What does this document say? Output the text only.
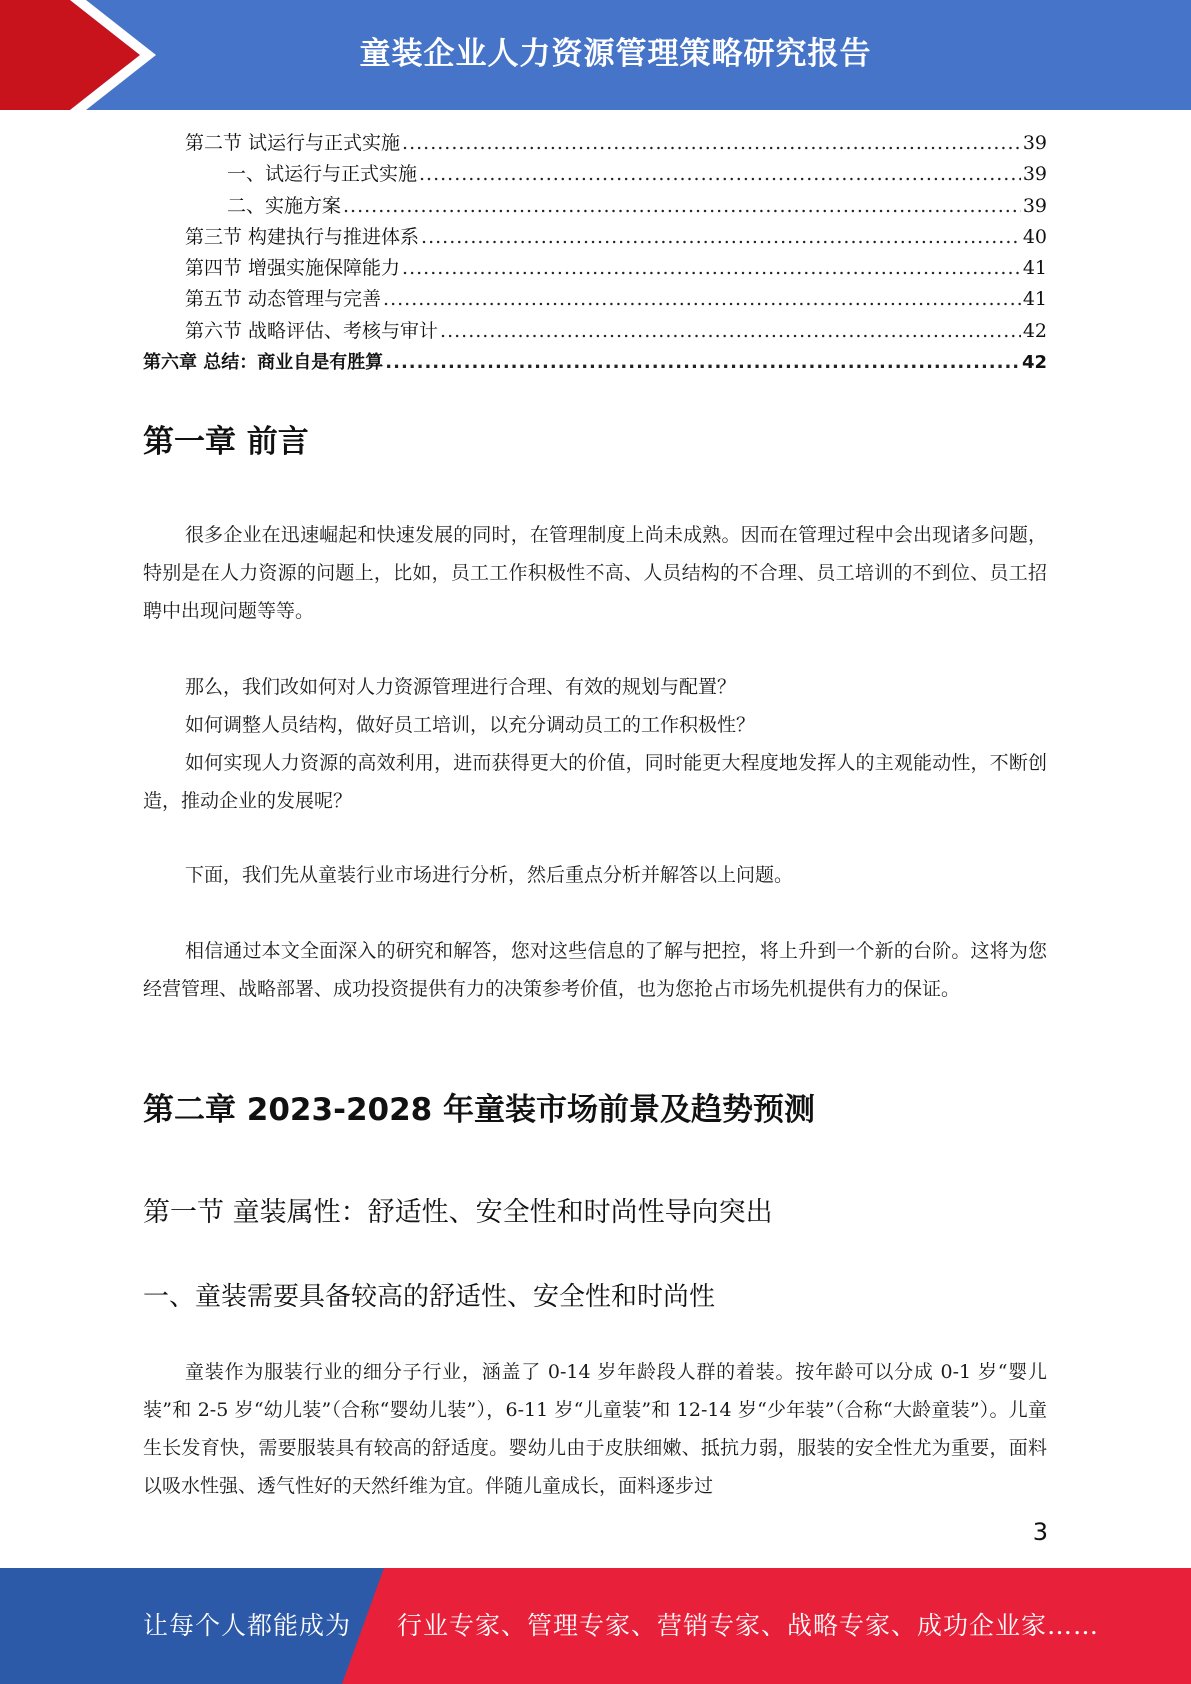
童装企业人力资源管理策略研究报告
第二节 试运行与正式实施 .....	39
一、试运行与正式实施 .....	39
二、实施方案 .....	39
第三节 构建执行与推进体系 .....	40
第四节 增强实施保障能力 .....	41
第五节 动态管理与完善 .....	41
第六节 战略评估、考核与审计 .....	42
第六章 总结：商业自是有胜算 .....	42
第一章 前言

很多企业在迅速崛起和快速发展的同时，在管理制度上尚未成熟。因而在管理过程中会出现诸多问题，特别是在人力资源的问题上，比如，员工工作积极性不高、人员结构的不合理、员工培训的不到位、员工招聘中出现问题等等。

那么，我们改如何对人力资源管理进行合理、有效的规划与配置？

如何调整人员结构，做好员工培训，以充分调动员工的工作积极性？

如何实现人力资源的高效利用，进而获得更大的价值，同时能更大程度地发挥人的主观能动性，不断创造，推动企业的发展呢？

下面，我们先从童装行业市场进行分析，然后重点分析并解答以上问题。

相信通过本文全面深入的研究和解答，您对这些信息的了解与把控，将上升到一个新的台阶。这将为您经营管理、战略部署、成功投资提供有力的决策参考价值，也为您抢占市场先机提供有力的保证。

第二章 2023-2028 年童装市场前景及趋势预测
第一节 童装属性：舒适性、安全性和时尚性导向突出
一、童装需要具备较高的舒适性、安全性和时尚性

童装作为服装行业的细分子行业，涵盖了 0-14 岁年龄段人群的着装。按年龄可以分成 0-1 岁“婴儿装”和 2-5 岁“幼儿装”（合称“婴幼儿装”），6-11 岁“儿童装”和 12-14 岁“少年装”（合称“大龄童装”）。儿童生长发育快，需要服装具有较高的舒适度。婴幼儿由于皮肤细嫩、抵抗力弱，服装的安全性尤为重要，面料以吸水性强、透气性好的天然纤维为宜。伴随儿童成长，面料逐步过

3
让每个人都能成为 行业专家、管理专家、营销专家、战略专家、成功企业家……
